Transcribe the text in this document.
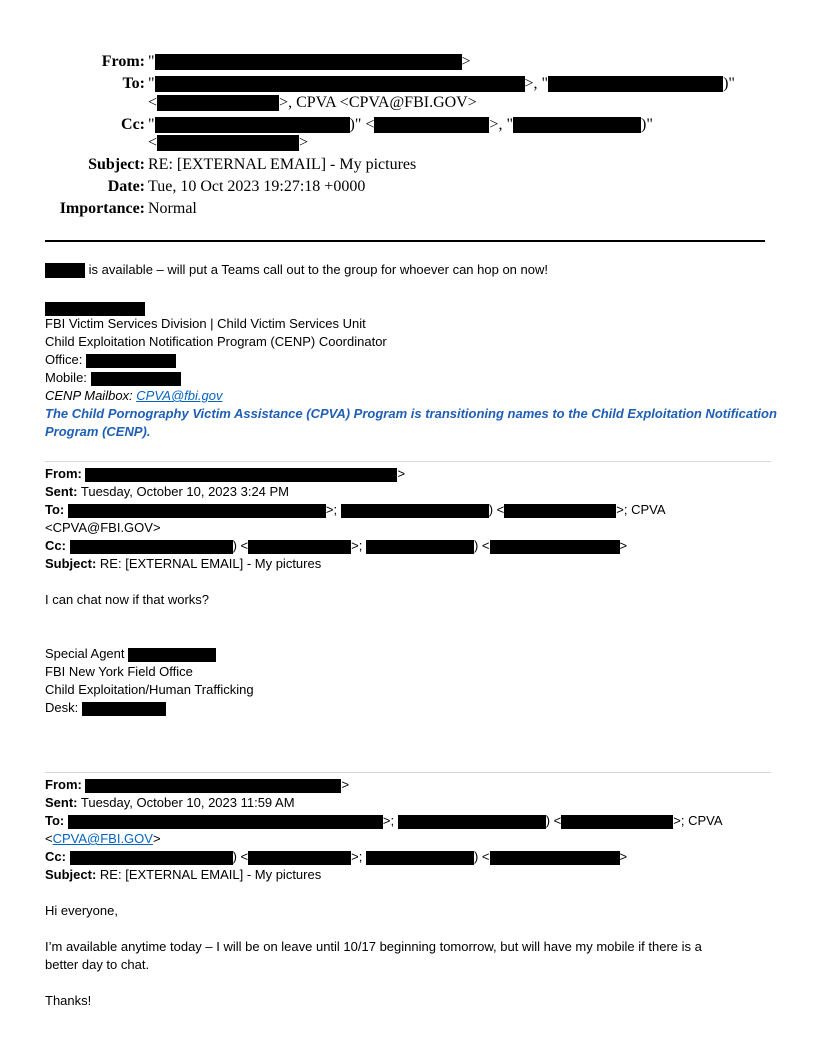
From: "	>
To: "	>, "	)"
<	>, CPVA <CPVA@FBI.GOV>
Cc: "	)" <	>, "	)"
<	>
Subject: RE: [EXTERNAL EMAIL] - My pictures
Date: Tue, 10 Oct 2023 19:27:18 +0000
Importance: Normal
is available – will put a Teams call out to the group for whoever can hop on now!
FBI Victim Services Division | Child Victim Services Unit
Child Exploitation Notification Program (CENP) Coordinator
Office:
Mobile:
CENP Mailbox: CPVA@fbi.gov
The Child Pornography Victim Assistance (CPVA) Program is transitioning names to the Child Exploitation Notification
Program (CENP).
From:	>
Sent: Tuesday, October 10, 2023 3:24 PM
To:	>;	) <	>; CPVA
<CPVA@FBI.GOV>
Cc:	) <	>;	) <	>
Subject: RE: [EXTERNAL EMAIL] - My pictures
I can chat now if that works?
Special Agent
FBI New York Field Office
Child Exploitation/Human Trafficking
Desk:
From:	>
Sent: Tuesday, October 10, 2023 11:59 AM
To:	>;	) <	>; CPVA
<CPVA@FBI.GOV>
Cc:	) <	>;	) <	>
Subject: RE: [EXTERNAL EMAIL] - My pictures
Hi everyone,
I’m available anytime today – I will be on leave until 10/17 beginning tomorrow, but will have my mobile if there is a
better day to chat.
Thanks!
